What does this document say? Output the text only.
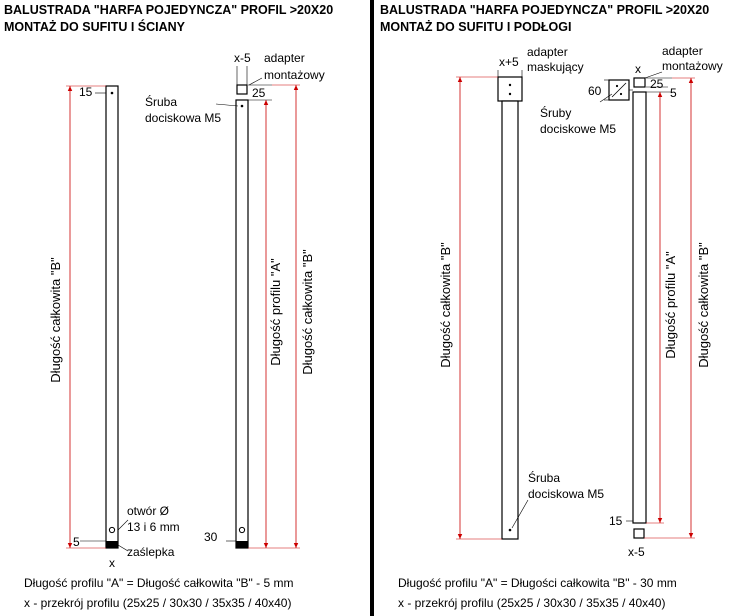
BALUSTRADA "HARFA POJEDYNCZA" PROFIL >20X20
MONTAŻ DO SUFITU I ŚCIANY
BALUSTRADA "HARFA POJEDYNCZA" PROFIL >20X20
MONTAŻ DO SUFITU I PODŁOGI
15
5
x
Długość całkowita "B"
otwór Ø
13 i 6 mm
zaślepka
x-5 adapter
montażowy
25
Śruba
dociskowa M5
Długość profilu "A" Długość całkowita "B"
30
x+5
adapter
maskujący
Długość całkowita "B"
Śruba
dociskowa M5
60
x
adapter
montażowy
25
5
Śruby
dociskowe M5
Długość profilu "A" Długość całkowita "B"
15
x-5
Długość profilu "A" = Długość całkowita "B" - 5 mm
x - przekrój profilu (25x25 / 30x30 / 35x35 / 40x40)
Długość profilu "A" = Długości całkowita "B" - 30 mm
x - przekrój profilu (25x25 / 30x30 / 35x35 / 40x40)
